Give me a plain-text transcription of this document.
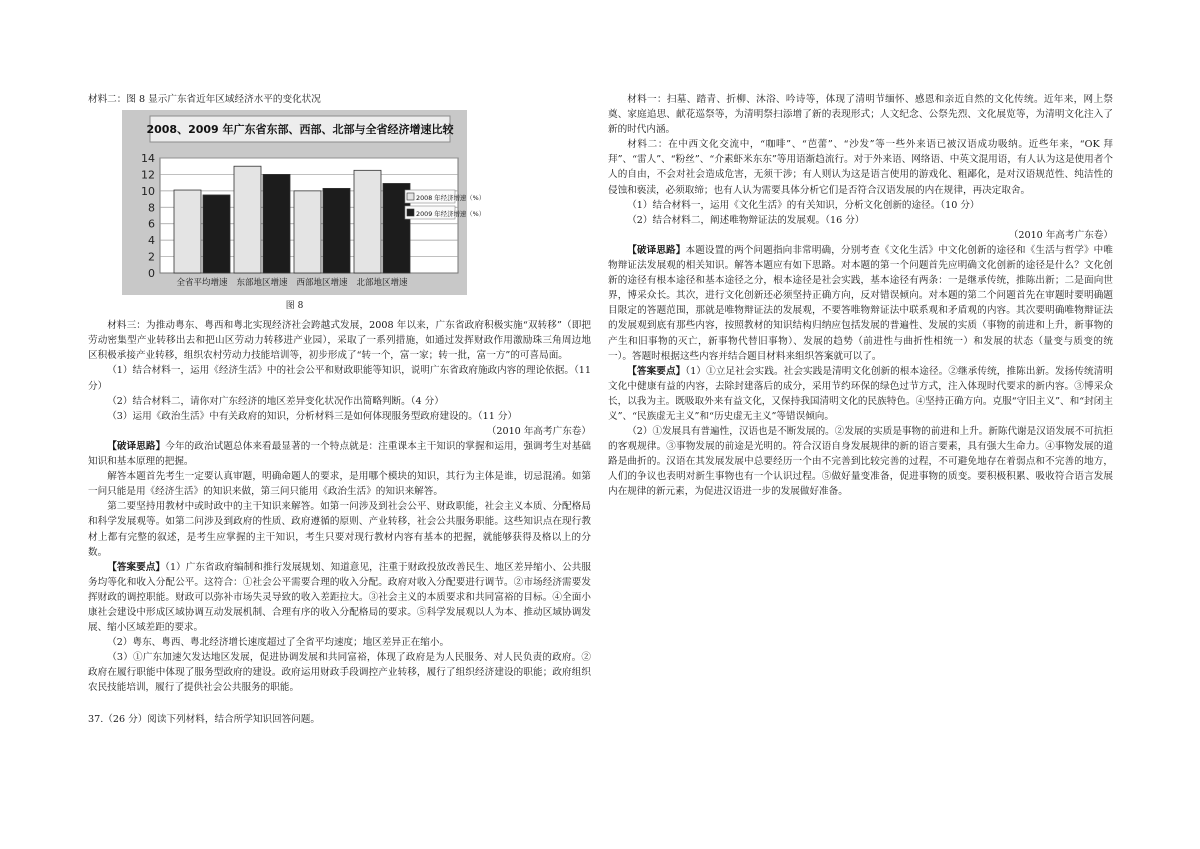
材料二：图 8 显示广东省近年区域经济水平的变化状况

2008、2009 年广东省东部、西部、北部与全省经济增速比较
0
2
4
6
8
10
12
14
全省平均增速 东部地区增速 西部地区增速 北部地区增速
2008 年经济增速（%）
2009 年经济增速（%）
图 8

材料三：为推动粤东、粤西和粤北实现经济社会跨越式发展，2008 年以来，广东省政府积极实施“双转移”（即把劳动密集型产业转移出去和把山区劳动力转移进产业园），采取了一系列措施，如通过发挥财政作用激励珠三角周边地区积极承接产业转移，组织农村劳动力技能培训等，初步形成了“转一个，富一家；转一批，富一方”的可喜局面。

（1）结合材料一，运用《经济生活》中的社会公平和财政职能等知识，说明广东省政府施政内容的理论依据。（11 分）

（2）结合材料二，请你对广东经济的地区差异变化状况作出简略判断。（4 分）

（3）运用《政治生活》中有关政府的知识，分析材料三是如何体现服务型政府建设的。（11 分）

（2010 年高考广东卷）

【破译思路】今年的政治试题总体来看最显著的一个特点就是：注重课本主干知识的掌握和运用，强调考生对基础知识和基本原理的把握。

解答本题首先考生一定要认真审题，明确命题人的要求，是用哪个模块的知识，其行为主体是谁，切忌混淆。如第一问只能是用《经济生活》的知识来做，第三问只能用《政治生活》的知识来解答。

第二要坚持用教材中或时政中的主干知识来解答。如第一问涉及到社会公平、财政职能，社会主义本质、分配格局和科学发展观等。如第二问涉及到政府的性质、政府遵循的原则、产业转移，社会公共服务职能。这些知识点在现行教材上都有完整的叙述，是考生应掌握的主干知识，考生只要对现行教材内容有基本的把握，就能够获得及格以上的分数。

【答案要点】（1）广东省政府编制和推行发展规划、知道意见，注重于财政投放改善民生、地区差异缩小、公共服务均等化和收入分配公平。这符合：①社会公平需要合理的收入分配。政府对收入分配要进行调节。②市场经济需要发挥财政的调控职能。财政可以弥补市场失灵导致的收入差距拉大。③社会主义的本质要求和共同富裕的目标。④全面小康社会建设中形成区域协调互动发展机制、合理有序的收入分配格局的要求。⑤科学发展观以人为本、推动区域协调发展、缩小区域差距的要求。

（2）粤东、粤西、粤北经济增长速度超过了全省平均速度；地区差异正在缩小。

（3）①广东加速欠发达地区发展，促进协调发展和共同富裕，体现了政府是为人民服务、对人民负责的政府。②政府在履行职能中体现了服务型政府的建设。政府运用财政手段调控产业转移，履行了组织经济建设的职能；政府组织农民技能培训，履行了提供社会公共服务的职能。

37.（26 分）阅读下列材料，结合所学知识回答问题。

材料一：扫墓、踏青、折柳、沐浴、吟诗等，体现了清明节缅怀、感恩和亲近自然的文化传统。近年来，网上祭奠、家庭追思、献花巡祭等，为清明祭扫添增了新的表现形式；人文纪念、公祭先烈、文化展览等，为清明文化注入了新的时代内涵。

材料二：在中西文化交流中，“咖啡”、“芭蕾”、“沙发”等一些外来语已被汉语成功吸纳。近些年来，“OK 拜拜”、“雷人”、“粉丝”、“介素虾米东东”等用语渐趋流行。对于外来语、网络语、中英文混用语，有人认为这是使用者个人的自由，不会对社会造成危害，无须干涉；有人则认为这是语言使用的游戏化、粗鄙化，是对汉语规范性、纯洁性的侵蚀和亵渎，必须取缔；也有人认为需要具体分析它们是否符合汉语发展的内在规律，再决定取舍。

（1）结合材料一，运用《文化生活》的有关知识，分析文化创新的途径。（10 分）

（2）结合材料二，阐述唯物辩证法的发展观。（16 分）

（2010 年高考广东卷）

【破译思路】本题设置的两个问题指向非常明确，分别考查《文化生活》中文化创新的途径和《生活与哲学》中唯物辩证法发展观的相关知识。解答本题应有如下思路。对本题的第一个问题首先应明确文化创新的途径是什么？文化创新的途径有根本途径和基本途径之分，根本途径是社会实践，基本途径有两条：一是继承传统，推陈出新；二是面向世界，博采众长。其次，进行文化创新还必须坚持正确方向，反对错误倾向。对本题的第二个问题首先在审题时要明确题目限定的答题范围，那就是唯物辩证法的发展观，不要答唯物辩证法中联系观和矛盾观的内容。其次要明确唯物辩证法的发展观到底有那些内容，按照教材的知识结构归纳应包括发展的普遍性、发展的实质（事物的前进和上升，新事物的产生和旧事物的灭亡，新事物代替旧事物）、发展的趋势（前进性与曲折性相统一）和发展的状态（量变与质变的统一）。答题时根据这些内容并结合题目材料来组织答案就可以了。

【答案要点】（1）①立足社会实践。社会实践是清明文化创新的根本途径。②继承传统，推陈出新。发扬传统清明文化中健康有益的内容，去除封建落后的成分，采用节约环保的绿色过节方式，注入体现时代要求的新内容。③博采众长，以我为主。既吸取外来有益文化，又保持我国清明文化的民族特色。④坚持正确方向。克服“守旧主义”、和“封闭主义”、“民族虚无主义”和“历史虚无主义”等错误倾向。

（2）①发展具有普遍性，汉语也是不断发展的。②发展的实质是事物的前进和上升。新陈代谢是汉语发展不可抗拒的客观规律。③事物发展的前途是光明的。符合汉语自身发展规律的新的语言要素，具有强大生命力。④事物发展的道路是曲折的。汉语在其发展发展中总要经历一个由不完善到比较完善的过程，不可避免地存在着弱点和不完善的地方，人们的争议也表明对新生事物也有一个认识过程。⑤做好量变准备，促进事物的质变。要积极积累、吸收符合语言发展内在规律的新元素，为促进汉语进一步的发展做好准备。
